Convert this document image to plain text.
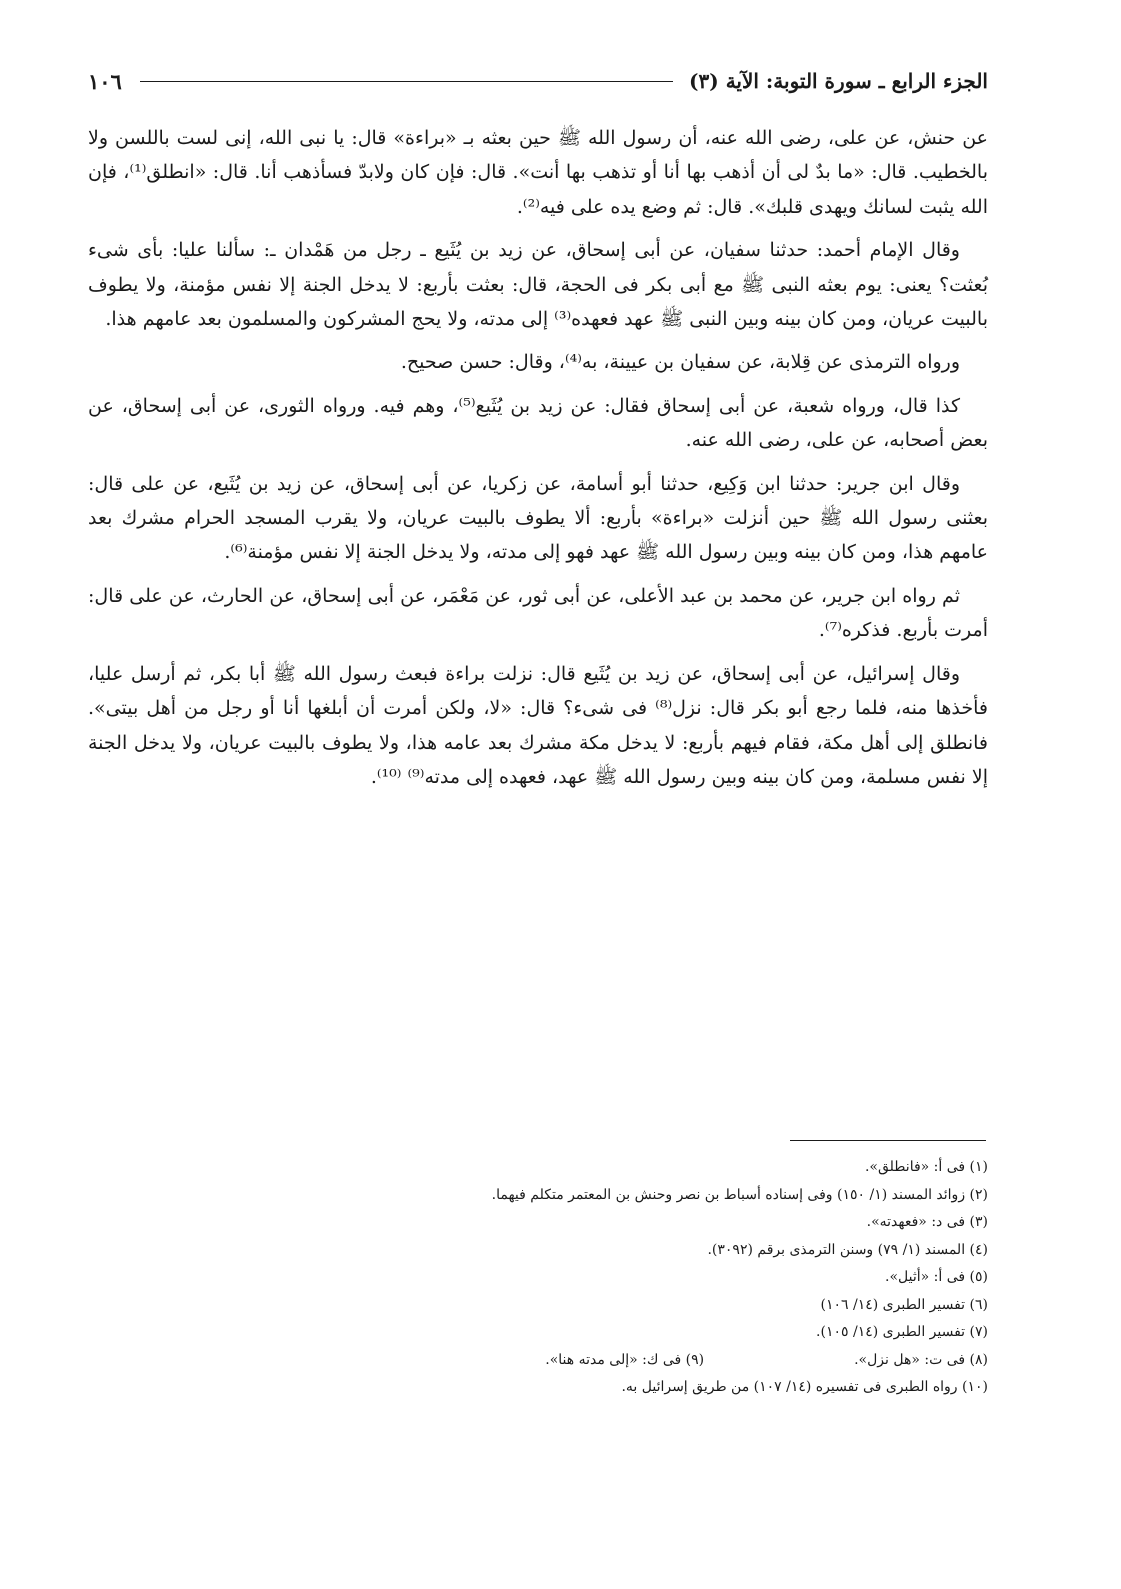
الجزء الرابع ـ سورة التوبة: الآية (٣)
١٠٦

عن حنش، عن على، رضى الله عنه، أن رسول الله ﷺ حين بعثه بـ «براءة» قال: يا نبى الله، إنى لست باللسن ولا بالخطيب. قال: «ما بدٌ لى أن أذهب بها أنا أو تذهب بها أنت». قال: فإن كان ولابدّ فسأذهب أنا. قال: «انطلق⁽¹⁾، فإن الله يثبت لسانك ويهدى قلبك». قال: ثم وضع يده على فيه⁽²⁾.

وقال الإمام أحمد: حدثنا سفيان، عن أبى إسحاق، عن زيد بن يُثَيع ـ رجل من هَمْدان ـ: سألنا عليا: بأى شىء بُعثت؟ يعنى: يوم بعثه النبى ﷺ مع أبى بكر فى الحجة، قال: بعثت بأربع: لا يدخل الجنة إلا نفس مؤمنة، ولا يطوف بالبيت عريان، ومن كان بينه وبين النبى ﷺ عهد فعهده⁽³⁾ إلى مدته، ولا يحج المشركون والمسلمون بعد عامهم هذا.

ورواه الترمذى عن قِلابة، عن سفيان بن عيينة، به⁽⁴⁾، وقال: حسن صحيح.

كذا قال، ورواه شعبة، عن أبى إسحاق فقال: عن زيد بن يُثَيع⁽⁵⁾، وهم فيه. ورواه الثورى، عن أبى إسحاق، عن بعض أصحابه، عن على، رضى الله عنه.

وقال ابن جرير: حدثنا ابن وَكِيع، حدثنا أبو أسامة، عن زكريا، عن أبى إسحاق، عن زيد بن يُثَيع، عن على قال: بعثنى رسول الله ﷺ حين أنزلت «براءة» بأربع: ألا يطوف بالبيت عريان، ولا يقرب المسجد الحرام مشرك بعد عامهم هذا، ومن كان بينه وبين رسول الله ﷺ عهد فهو إلى مدته، ولا يدخل الجنة إلا نفس مؤمنة⁽⁶⁾.

ثم رواه ابن جرير، عن محمد بن عبد الأعلى، عن أبى ثور، عن مَعْمَر، عن أبى إسحاق، عن الحارث، عن على قال: أمرت بأربع. فذكره⁽⁷⁾.

وقال إسرائيل، عن أبى إسحاق، عن زيد بن يُثَيع قال: نزلت براءة فبعث رسول الله ﷺ أبا بكر، ثم أرسل عليا، فأخذها منه، فلما رجع أبو بكر قال: نزل⁽⁸⁾ فى شىء؟ قال: «لا، ولكن أمرت أن أبلغها أنا أو رجل من أهل بيتى». فانطلق إلى أهل مكة، فقام فيهم بأربع: لا يدخل مكة مشرك بعد عامه هذا، ولا يطوف بالبيت عريان، ولا يدخل الجنة إلا نفس مسلمة، ومن كان بينه وبين رسول الله ﷺ عهد، فعهده إلى مدته⁽⁹⁾ ⁽¹⁰⁾.

(١) فى أ: «فانطلق».
(٢) زوائد المسند (١/ ١٥٠) وفى إسناده أسباط بن نصر وحنش بن المعتمر متكلم فيهما.
(٣) فى د: «فعهدته».
(٤) المسند (١/ ٧٩) وسنن الترمذى برقم (٣٠٩٢).
(٥) فى أ: «أثيل».
(٦) تفسير الطبرى (١٤/ ١٠٦)
(٧) تفسير الطبرى (١٤/ ١٠٥).
(٨) فى ت: «هل نزل».
(٩) فى ك: «إلى مدته هنا».
(١٠) رواه الطبرى فى تفسيره (١٤/ ١٠٧) من طريق إسرائيل به.
